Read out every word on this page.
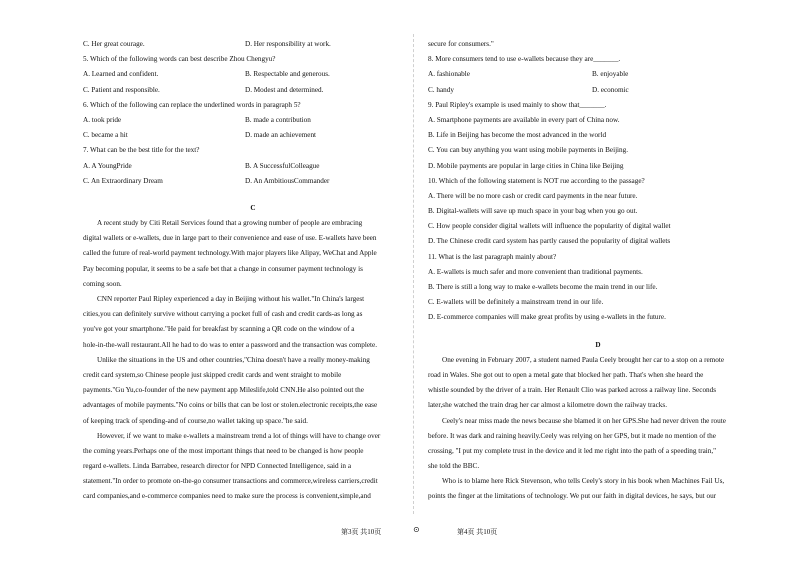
C. Her great courage.	D. Her responsibility at work.
5. Which of the following words can best describe Zhou Chengyu?
A. Learned and confident.	B. Respectable and generous.
C. Patient and responsible.	D. Modest and determined.
6. Which of the following can replace the underlined words in paragraph 5?
A. took pride	B. made a contribution
C. became a hit	D. made an achievement
7. What can be the best title for the text?
A. A YoungPride	B. A SuccessfulColleague
C. An Extraordinary Dream	D. An AmbitiousCommander
C
A recent study by Citi Retail Services found that a growing number of people are embracing
digital wallets or e-wallets, due in large part to their convenience and ease of use. E-wallets have been
called the future of real-world payment technology.With major players like Alipay, WeChat and Apple
Pay becoming popular, it seems to be a safe bet that a change in consumer payment technology is
coming soon.
CNN reporter Paul Ripley experienced a day in Beijing without his wallet."In China's largest
cities,you can definitely survive without carrying a pocket full of cash and credit cards-as long as
you've got your smartphone."He paid for breakfast by scanning a QR code on the window of a
hole-in-the-wall restaurant.All he had to do was to enter a password and the transaction was complete.
Unlike the situations in the US and other countries,"China doesn't have a really money-making
credit card system,so Chinese people just skipped credit cards and went straight to mobile
payments."Gu Yu,co-founder of the new payment app Mileslife,told CNN.He also pointed out the
advantages of mobile payments."No coins or bills that can be lost or stolen.electronic receipts,the ease
of keeping track of spending-and of course,no wallet taking up space."he said.
However, if we want to make e-wallets a mainstream trend a lot of things will have to change over
the coming years.Perhaps one of the most important things that need to be changed is how people
regard e-wallets. Linda Barrabee, research director for NPD Connected Intelligence, said in a
statement."In order to promote on-the-go consumer transactions and commerce,wireless carriers,credit
card companies,and e-commerce companies need to make sure the process is convenient,simple,and
secure for consumers."
8. More consumers tend to use e-wallets because they are_______.
A. fashionable	B. enjoyable
C. handy	D. economic
9. Paul Ripley's example is used mainly to show that_______.
A. Smartphone payments are available in every part of China now.
B. Life in Beijing has become the most advanced in the world
C. You can buy anything you want using mobile payments in Beijing.
D. Mobile payments are popular in large cities in China like Beijing
10. Which of the following statement is NOT rue according to the passage?
A. There will be no more cash or credit card payments in the near future.
B. Digital-wallets will save up much space in your bag when you go out.
C. How people consider digital wallets will influence the popularity of digital wallet
D. The Chinese credit card system has partly caused the popularity of digital wallets
11. What is the last paragraph mainly about?
A. E-wallets is much safer and more convenient than traditional payments.
B. There is still a long way to make e-wallets become the main trend in our life.
C. E-wallets will be definitely a mainstream trend in our life.
D. E-commerce companies will make great profits by using e-wallets in the future.
D
One evening in February 2007, a student named Paula Ceely brought her car to a stop on a remote
road in Wales. She got out to open a metal gate that blocked her path. That's when she heard the
whistle sounded by the driver of a train. Her Renault Clio was parked across a railway line. Seconds
later,she watched the train drag her car almost a kilometre down the railway tracks.
Ceely's near miss made the news because she blamed it on her GPS.She had never driven the route
before. It was dark and raining heavily.Ceely was relying on her GPS, but it made no mention of the
crossing, "I put my complete trust in the device and it led me right into the path of a speeding train,"
she told the BBC.
Who is to blame here Rick Stevenson, who tells Ceely's story in his book when Machines Fail Us,
points the finger at the limitations of technology. We put our faith in digital devices, he says, but our
第3页 共10页	⊙	第4页 共10页
